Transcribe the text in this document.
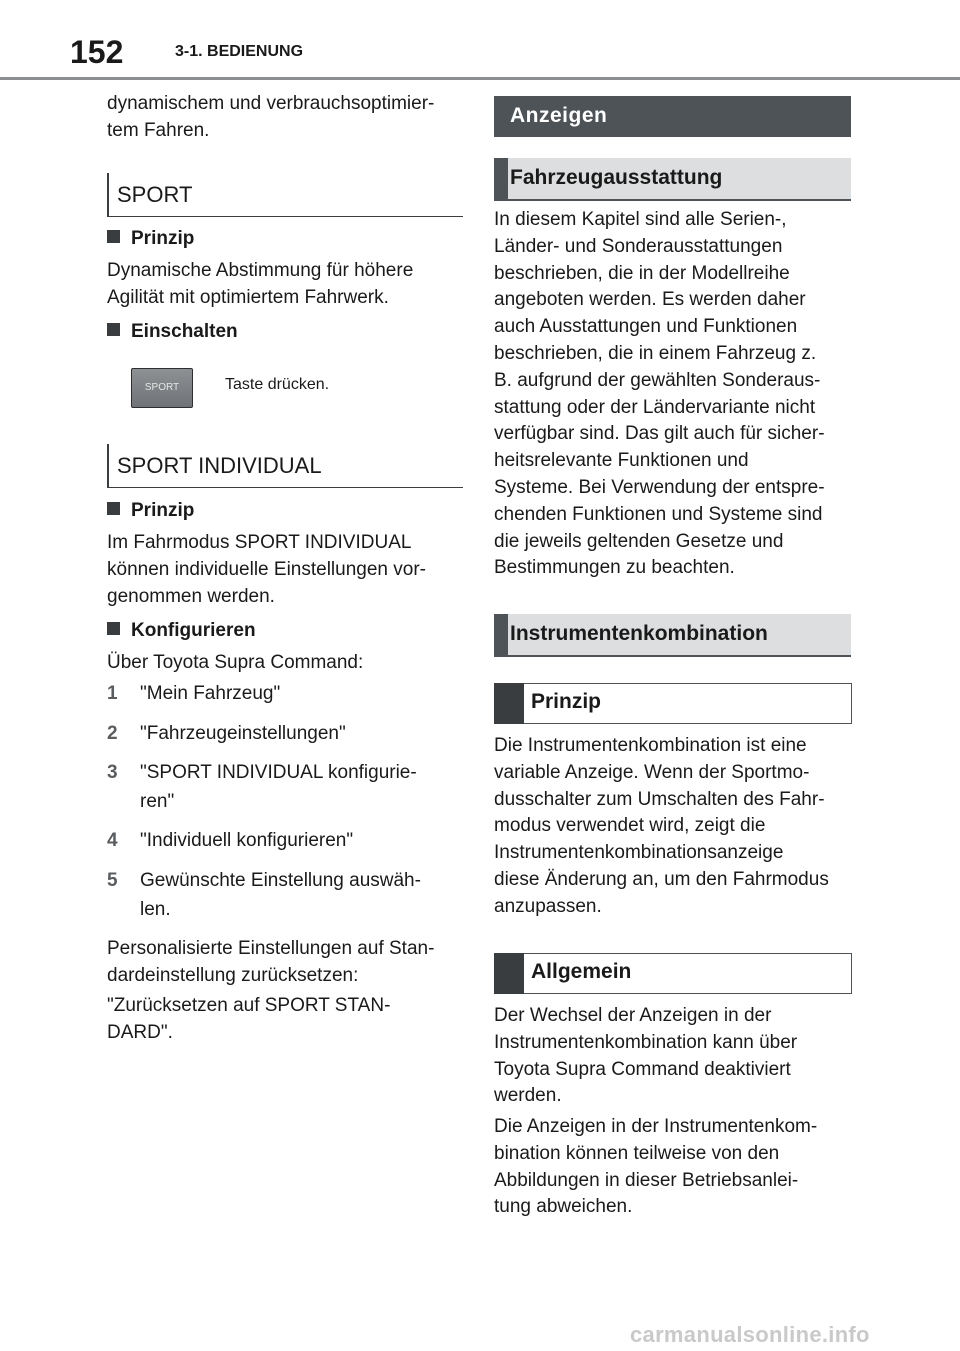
152	3-1. BEDIENUNG
dynamischem und verbrauchsoptimier-
tem Fahren.
SPORT
Prinzip
Dynamische Abstimmung für höhere
Agilität mit optimiertem Fahrwerk.
Einschalten
SPORT	Taste drücken.
SPORT INDIVIDUAL
Prinzip
Im Fahrmodus SPORT INDIVIDUAL
können individuelle Einstellungen vor-
genommen werden.
Konfigurieren
Über Toyota Supra Command:
1 "Mein Fahrzeug"
2 "Fahrzeugeinstellungen"
3 "SPORT INDIVIDUAL konfigurie-
ren"
4 "Individuell konfigurieren"
5 Gewünschte Einstellung auswäh-
len.
Personalisierte Einstellungen auf Stan-
dardeinstellung zurücksetzen:
"Zurücksetzen auf SPORT STAN-
DARD".
Anzeigen
Fahrzeugausstattung
In diesem Kapitel sind alle Serien-,
Länder- und Sonderausstattungen
beschrieben, die in der Modellreihe
angeboten werden. Es werden daher
auch Ausstattungen und Funktionen
beschrieben, die in einem Fahrzeug z.
B. aufgrund der gewählten Sonderaus-
stattung oder der Ländervariante nicht
verfügbar sind. Das gilt auch für sicher-
heitsrelevante Funktionen und
Systeme. Bei Verwendung der entspre-
chenden Funktionen und Systeme sind
die jeweils geltenden Gesetze und
Bestimmungen zu beachten.
Instrumentenkombination
Prinzip
Die Instrumentenkombination ist eine
variable Anzeige. Wenn der Sportmo-
dusschalter zum Umschalten des Fahr-
modus verwendet wird, zeigt die
Instrumentenkombinationsanzeige
diese Änderung an, um den Fahrmodus
anzupassen.
Allgemein
Der Wechsel der Anzeigen in der
Instrumentenkombination kann über
Toyota Supra Command deaktiviert
werden.
Die Anzeigen in der Instrumentenkom-
bination können teilweise von den
Abbildungen in dieser Betriebsanlei-
tung abweichen.
carmanualsonline.info
